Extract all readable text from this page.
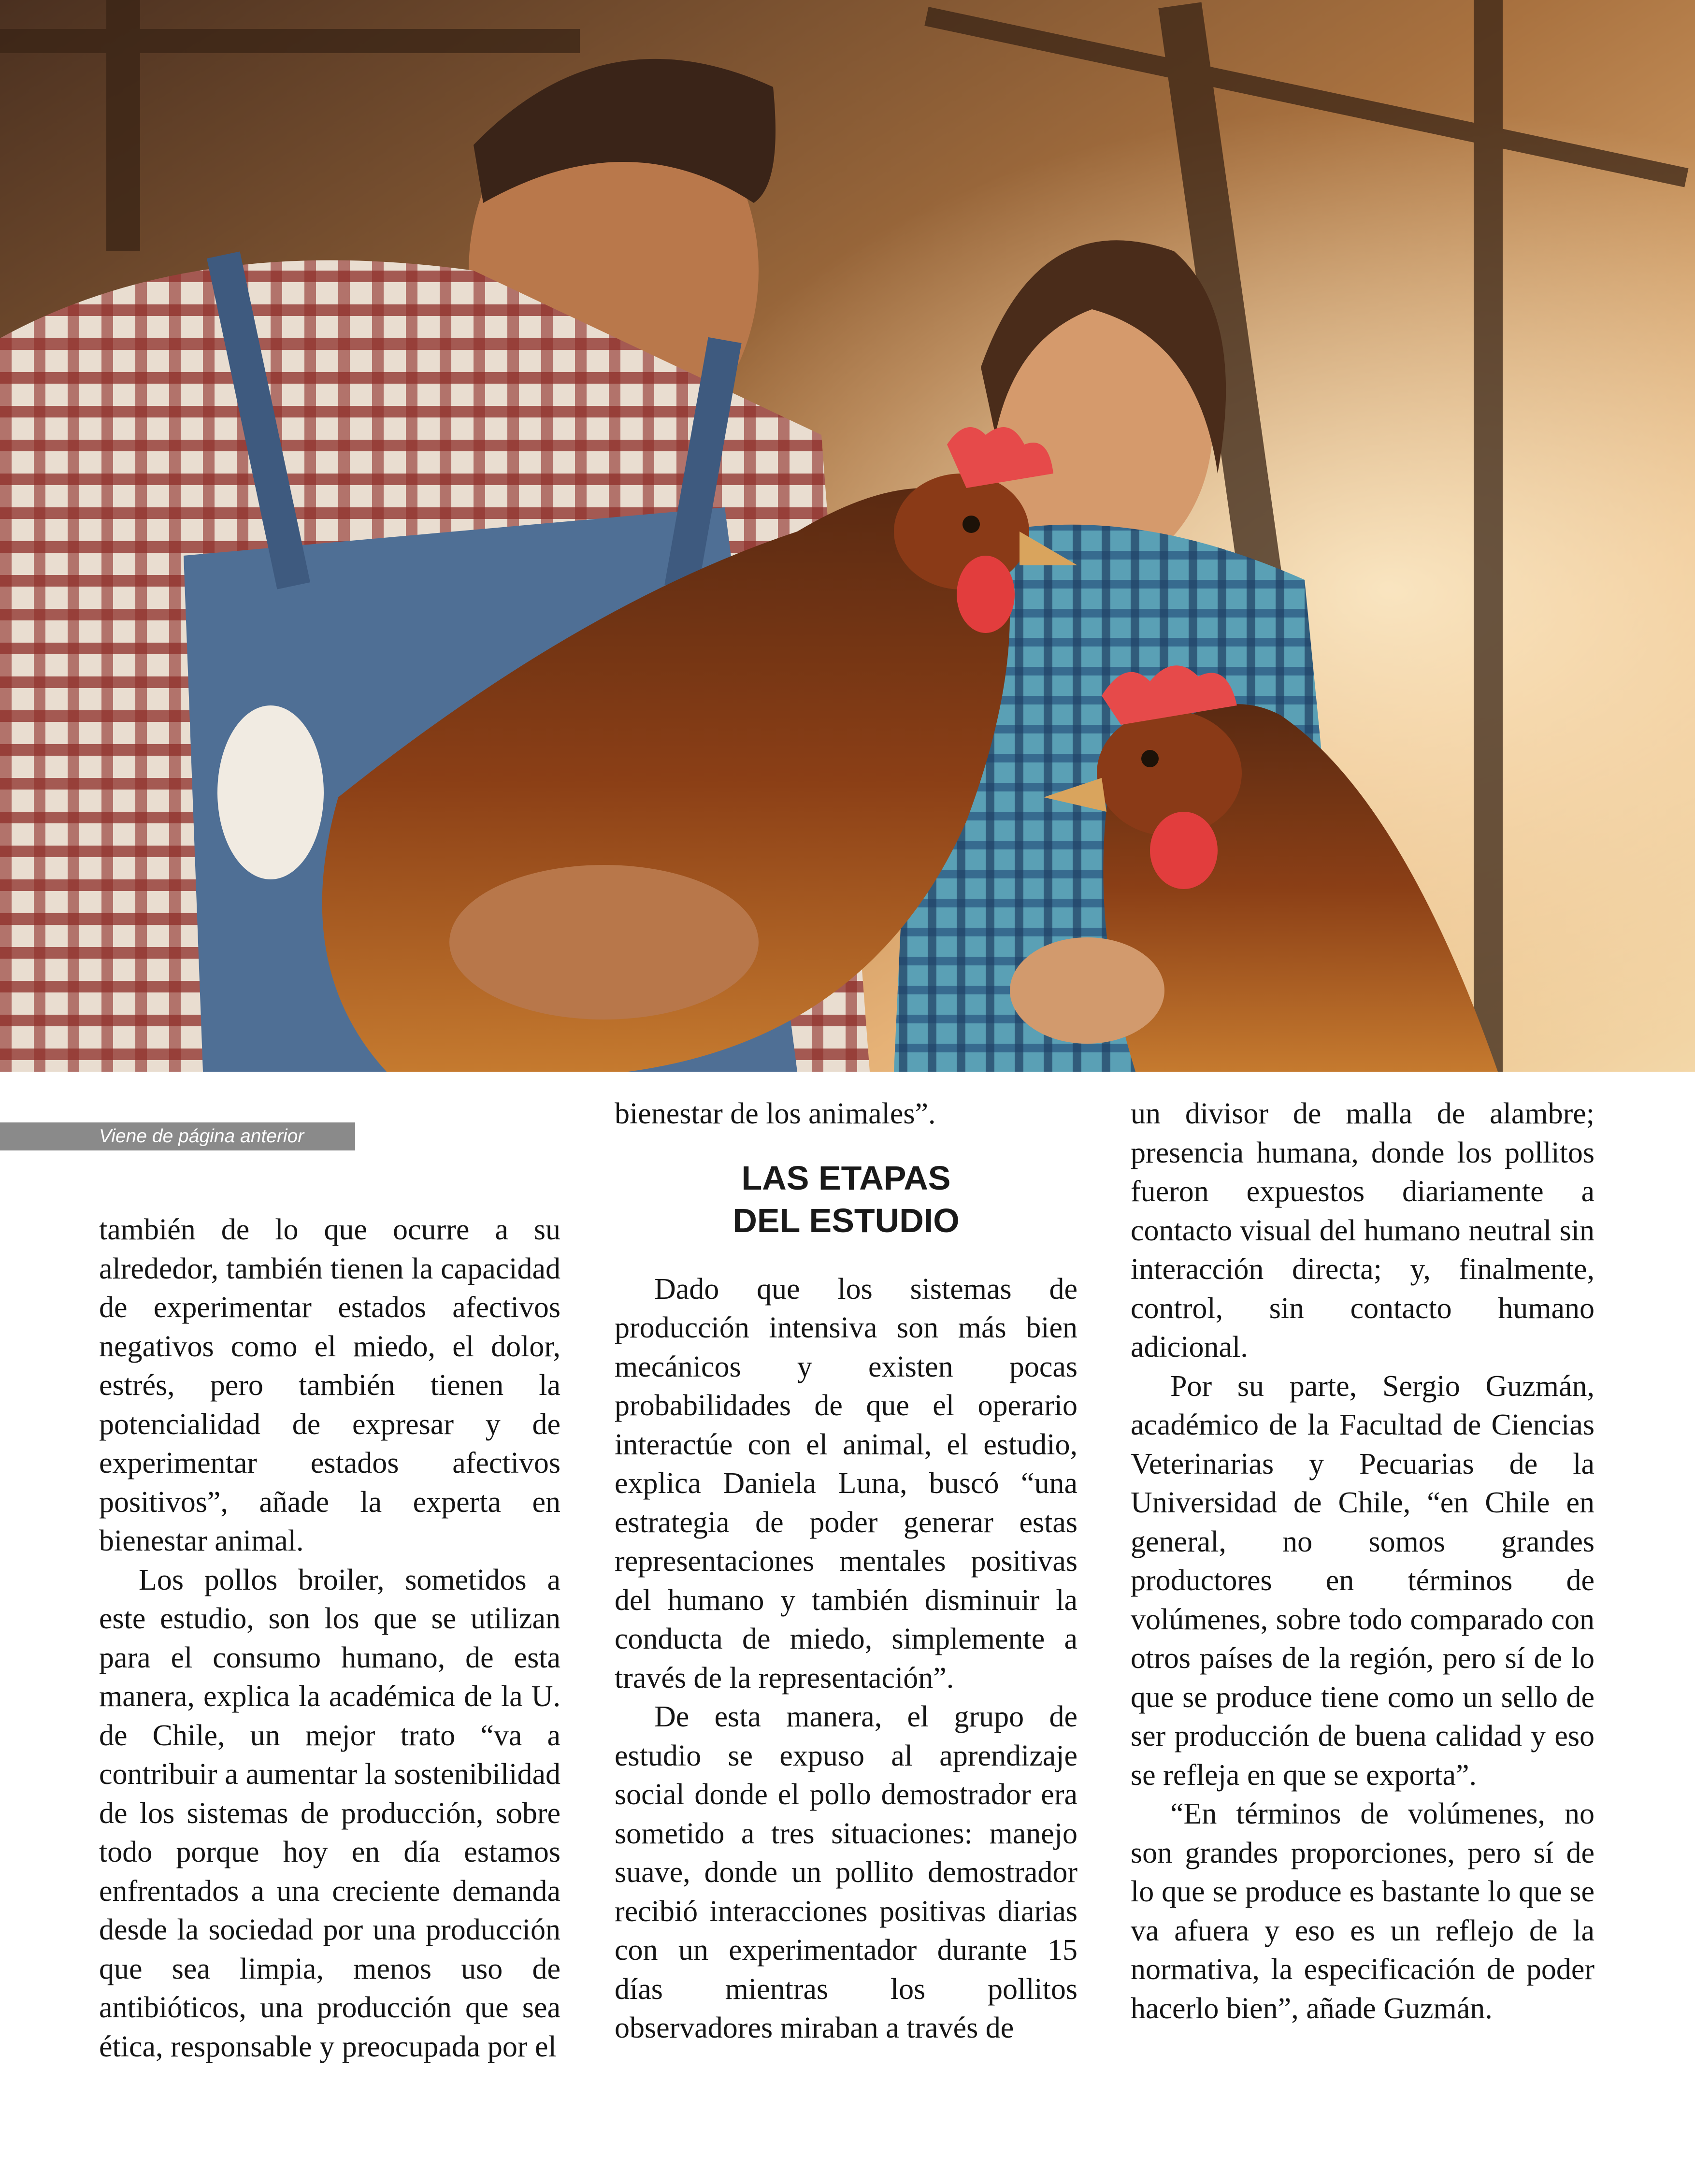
Viene de página anterior

también de lo que ocurre a su alrededor, también tienen la capacidad de experimentar estados afectivos negativos como el miedo, el dolor, estrés, pero también tienen la potencialidad de expresar y de experimentar estados afectivos positivos”, añade la experta en bienestar animal.

Los pollos broiler, sometidos a este estudio, son los que se utilizan para el consumo humano, de esta manera, explica la académica de la U. de Chile, un mejor trato “va a contribuir a aumentar la sostenibilidad de los sistemas de producción, sobre todo porque hoy en día estamos enfrentados a una creciente demanda desde la sociedad por una producción que sea limpia, menos uso de antibióticos, una producción que sea ética, responsable y preocupada por el

bienestar de los animales”.

LAS ETAPAS
DEL ESTUDIO

Dado que los sistemas de producción intensiva son más bien mecánicos y existen pocas probabilidades de que el operario interactúe con el animal, el estudio, explica Daniela Luna, buscó “una estrategia de poder generar estas representaciones mentales positivas del humano y también disminuir la conducta de miedo, simplemente a través de la representación”.

De esta manera, el grupo de estudio se expuso al aprendizaje social donde el pollo demostrador era sometido a tres situaciones: manejo suave, donde un pollito demostrador recibió interacciones positivas diarias con un experimentador durante 15 días mientras los pollitos observadores miraban a través de

un divisor de malla de alambre; presencia humana, donde los pollitos fueron expuestos diariamente a contacto visual del humano neutral sin interacción directa; y, finalmente, control, sin contacto humano adicional.

Por su parte, Sergio Guzmán, académico de la Facultad de Ciencias Veterinarias y Pecuarias de la Universidad de Chile, “en Chile en general, no somos grandes productores en términos de volúmenes, sobre todo comparado con otros países de la región, pero sí de lo que se produce tiene como un sello de ser producción de buena calidad y eso se refleja en que se exporta”.

“En términos de volúmenes, no son grandes proporciones, pero sí de lo que se produce es bastante lo que se va afuera y eso es un reflejo de la normativa, la especificación de poder hacerlo bien”, añade Guzmán.
